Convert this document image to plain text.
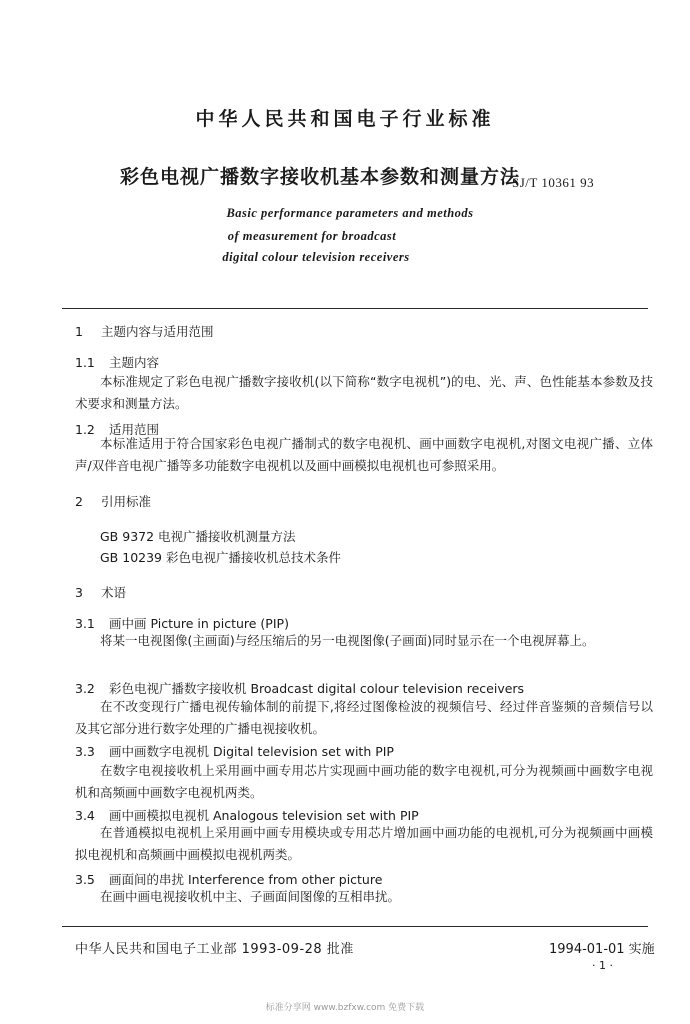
中华人民共和国电子行业标准
彩色电视广播数字接收机基本参数和测量方法
SJ/T 10361 93
Basic performance parameters and methods
of measurement for broadcast
digital colour television receivers
1 主题内容与适用范围
1.1 主题内容
本标准规定了彩色电视广播数字接收机(以下简称“数字电视机”)的电、光、声、色性能基本参数及技术要求和测量方法。
1.2 适用范围
本标准适用于符合国家彩色电视广播制式的数字电视机、画中画数字电视机,对图文电视广播、立体声/双伴音电视广播等多功能数字电视机以及画中画模拟电视机也可参照采用。
2 引用标准
GB 9372 电视广播接收机测量方法
GB 10239 彩色电视广播接收机总技术条件
3 术语
3.1 画中画 Picture in picture (PIP)
将某一电视图像(主画面)与经压缩后的另一电视图像(子画面)同时显示在一个电视屏幕上。
3.2 彩色电视广播数字接收机 Broadcast digital colour television receivers
在不改变现行广播电视传输体制的前提下,将经过图像检波的视频信号、经过伴音鉴频的音频信号以及其它部分进行数字处理的广播电视接收机。
3.3 画中画数字电视机 Digital television set with PIP
在数字电视接收机上采用画中画专用芯片实现画中画功能的数字电视机,可分为视频画中画数字电视机和高频画中画数字电视机两类。
3.4 画中画模拟电视机 Analogous television set with PIP
在普通模拟电视机上采用画中画专用模块或专用芯片增加画中画功能的电视机,可分为视频画中画模拟电视机和高频画中画模拟电视机两类。
3.5 画面间的串扰 Interference from other picture
在画中画电视接收机中主、子画面间图像的互相串扰。
中华人民共和国电子工业部 1993-09-28 批准	1994-01-01 实施
· 1 ·
标准分享网 www.bzfxw.com 免费下载
